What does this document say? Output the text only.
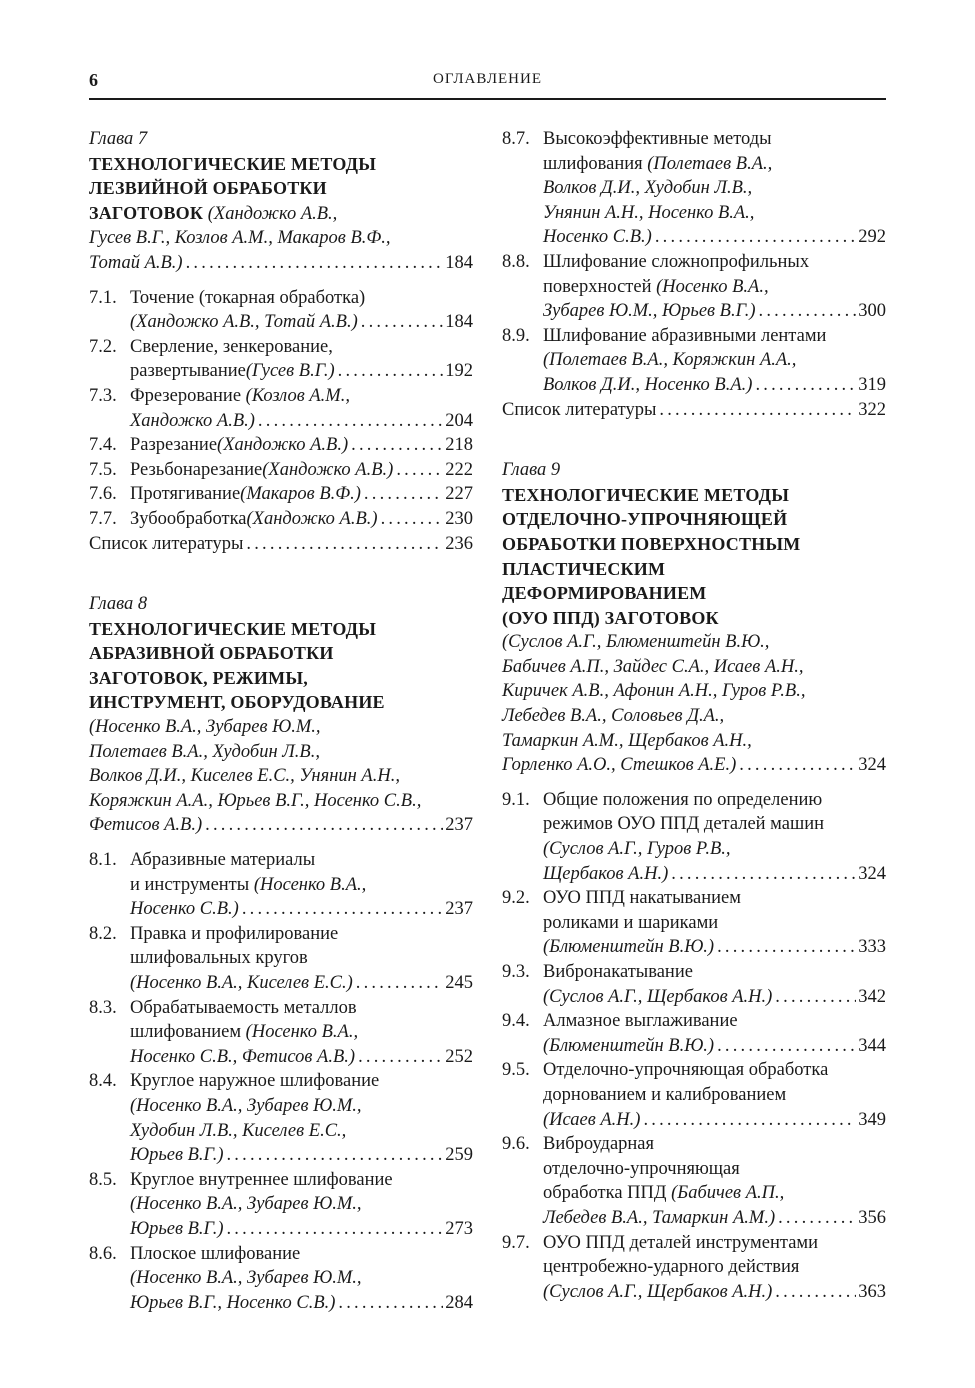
6	ОГЛАВЛЕНИЕ
Глава 7
ТЕХНОЛОГИЧЕСКИЕ МЕТОДЫ
ЛЕЗВИЙНОЙ ОБРАБОТКИ
ЗАГОТОВОК (Хандожко А.В.,
Гусев В.Г., Козлов А.М., Макаров В.Ф.,
Тотай А.В.) .....	184
7.1. Точение (токарная обработка)
(Хандожко А.В., Тотай А.В.) .....	184
7.2. Сверление, зенкерование,
развертывание (Гусев В.Г.) .....	192
7.3. Фрезерование (Козлов А.М.,
Хандожко А.В.) .....	204
7.4. Разрезание (Хандожко А.В.) .....	218
7.5. Резьбонарезание (Хандожко А.В.) .....	222
7.6. Протягивание (Макаров В.Ф.) .....	227
7.7. Зубообработка (Хандожко А.В.) .....	230
Список литературы .....	236
Глава 8
ТЕХНОЛОГИЧЕСКИЕ МЕТОДЫ
АБРАЗИВНОЙ ОБРАБОТКИ
ЗАГОТОВОК, РЕЖИМЫ,
ИНСТРУМЕНТ, ОБОРУДОВАНИЕ
(Носенко В.А., Зубарев Ю.М.,
Полетаев В.А., Худобин Л.В.,
Волков Д.И., Киселев Е.С., Унянин А.Н.,
Коряжкин А.А., Юрьев В.Г., Носенко С.В.,
Фетисов А.В.) .....	237
8.1. Абразивные материалы
и инструменты (Носенко В.А.,
Носенко С.В.) .....	237
8.2. Правка и профилирование
шлифовальных кругов
(Носенко В.А., Киселев Е.С.) .....	245
8.3. Обрабатываемость металлов
шлифованием (Носенко В.А.,
Носенко С.В., Фетисов А.В.) .....	252
8.4. Круглое наружное шлифование
(Носенко В.А., Зубарев Ю.М.,
Худобин Л.В., Киселев Е.С.,
Юрьев В.Г.) .....	259
8.5. Круглое внутреннее шлифование
(Носенко В.А., Зубарев Ю.М.,
Юрьев В.Г.) .....	273
8.6. Плоское шлифование
(Носенко В.А., Зубарев Ю.М.,
Юрьев В.Г., Носенко С.В.) .....	284
8.7. Высокоэффективные методы
шлифования (Полетаев В.А.,
Волков Д.И., Худобин Л.В.,
Унянин А.Н., Носенко В.А.,
Носенко С.В.) .....	292
8.8. Шлифование сложнопрофильных
поверхностей (Носенко В.А.,
Зубарев Ю.М., Юрьев В.Г.) .....	300
8.9. Шлифование абразивными лентами
(Полетаев В.А., Коряжкин А.А.,
Волков Д.И., Носенко В.А.) .....	319
Список литературы .....	322
Глава 9
ТЕХНОЛОГИЧЕСКИЕ МЕТОДЫ
ОТДЕЛОЧНО-УПРОЧНЯЮЩЕЙ
ОБРАБОТКИ ПОВЕРХНОСТНЫМ
ПЛАСТИЧЕСКИМ
ДЕФОРМИРОВАНИЕМ
(ОУО ППД) ЗАГОТОВОК
(Суслов А.Г., Блюменштейн В.Ю.,
Бабичев А.П., Зайдес С.А., Исаев А.Н.,
Киричек А.В., Афонин А.Н., Гуров Р.В.,
Лебедев В.А., Соловьев Д.А.,
Тамаркин А.М., Щербаков А.Н.,
Горленко А.О., Стешков А.Е.) .....	324
9.1. Общие положения по определению
режимов ОУО ППД деталей машин
(Суслов А.Г., Гуров Р.В.,
Щербаков А.Н.) .....	324
9.2. ОУО ППД накатыванием
роликами и шариками
(Блюменштейн В.Ю.) .....	333
9.3. Вибронакатывание
(Суслов А.Г., Щербаков А.Н.) .....	342
9.4. Алмазное выглаживание
(Блюменштейн В.Ю.) .....	344
9.5. Отделочно-упрочняющая обработка
дорнованием и калиброванием
(Исаев А.Н.) .....	349
9.6. Виброударная
отделочно-упрочняющая
обработка ППД (Бабичев А.П.,
Лебедев В.А., Тамаркин А.М.) .....	356
9.7. ОУО ППД деталей инструментами
центробежно-ударного действия
(Суслов А.Г., Щербаков А.Н.) .....	363
